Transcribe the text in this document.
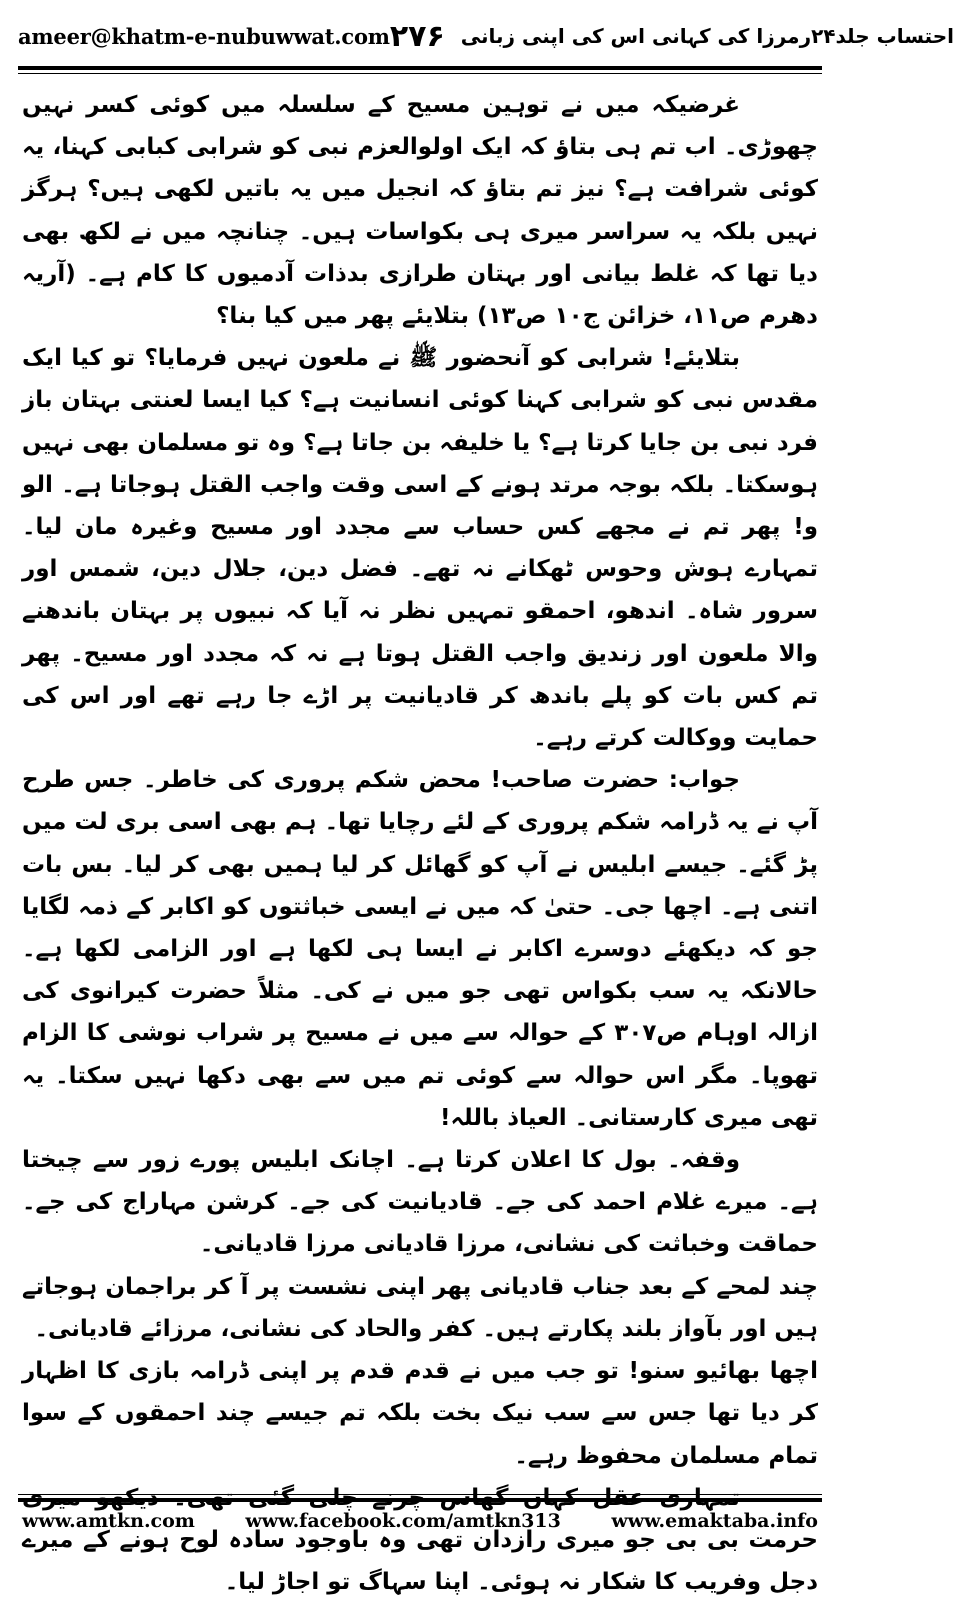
ameer@khatm-e-nubuwwat.com	احتساب جلد۲۴رمرزا کی کہانی اس کی اپنی زبانی
۲۷۶

غرضیکہ میں نے توہین مسیح کے سلسلہ میں کوئی کسر نہیں چھوڑی۔ اب تم ہی بتاؤ کہ ایک اولوالعزم نبی کو شرابی کبابی کہنا، یہ کوئی شرافت ہے؟ نیز تم بتاؤ کہ انجیل میں یہ باتیں لکھی ہیں؟ ہرگز نہیں بلکہ یہ سراسر میری ہی بکواسات ہیں۔ چنانچہ میں نے لکھ بھی دیا تھا کہ غلط بیانی اور بہتان طرازی بدذات آدمیوں کا کام ہے۔ (آریہ دھرم ص۱۱، خزائن ج۱۰ ص۱۳) بتلایئے پھر میں کیا بنا؟

بتلایئے! شرابی کو آنحضور ﷺ نے ملعون نہیں فرمایا؟ تو کیا ایک مقدس نبی کو شرابی کہنا کوئی انسانیت ہے؟ کیا ایسا لعنتی بہتان باز فرد نبی بن جایا کرتا ہے؟ یا خلیفہ بن جاتا ہے؟ وہ تو مسلمان بھی نہیں ہوسکتا۔ بلکہ بوجہ مرتد ہونے کے اسی وقت واجب القتل ہوجاتا ہے۔ الو و! پھر تم نے مجھے کس حساب سے مجدد اور مسیح وغیرہ مان لیا۔ تمہارے ہوش وحوس ٹھکانے نہ تھے۔ فضل دین، جلال دین، شمس اور سرور شاہ۔ اندھو، احمقو تمہیں نظر نہ آیا کہ نبیوں پر بہتان باندھنے والا ملعون اور زندیق واجب القتل ہوتا ہے نہ کہ مجدد اور مسیح۔ پھر تم کس بات کو پلے باندھ کر قادیانیت پر اڑے جا رہے تھے اور اس کی حمایت ووکالت کرتے رہے۔

جواب: حضرت صاحب! محض شکم پروری کی خاطر۔ جس طرح آپ نے یہ ڈرامہ شکم پروری کے لئے رچایا تھا۔ ہم بھی اسی بری لت میں پڑ گئے۔ جیسے ابلیس نے آپ کو گھائل کر لیا ہمیں بھی کر لیا۔ بس بات اتنی ہے۔ اچھا جی۔ حتیٰ کہ میں نے ایسی خباثتوں کو اکابر کے ذمہ لگایا جو کہ دیکھئے دوسرے اکابر نے ایسا ہی لکھا ہے اور الزامی لکھا ہے۔ حالانکہ یہ سب بکواس تھی جو میں نے کی۔ مثلاً حضرت کیرانوی کی ازالہ اوہام ص۳۰۷ کے حوالہ سے میں نے مسیح پر شراب نوشی کا الزام تھوپا۔ مگر اس حوالہ سے کوئی تم میں سے بھی دکھا نہیں سکتا۔ یہ تھی میری کارستانی۔ العیاذ باللہ!

وقفہ۔ بول کا اعلان کرتا ہے۔ اچانک ابلیس پورے زور سے چیختا ہے۔ میرے غلام احمد کی جے۔ قادیانیت کی جے۔ کرشن مہاراج کی جے۔ حماقت وخباثت کی نشانی، مرزا قادیانی مرزا قادیانی۔

چند لمحے کے بعد جناب قادیانی پھر اپنی نشست پر آ کر براجمان ہوجاتے ہیں اور بآواز بلند پکارتے ہیں۔ کفر والحاد کی نشانی، مرزائے قادیانی۔

اچھا بھائیو سنو! تو جب میں نے قدم قدم پر اپنی ڈرامہ بازی کا اظہار کر دیا تھا جس سے سب نیک بخت بلکہ تم جیسے چند احمقوں کے سوا تمام مسلمان محفوظ رہے۔

حرمت بی بی جو میری رازدان تھی وہ باوجود سادہ لوح ہونے کے میرے دجل وفریب کا شکار نہ ہوئی۔ اپنا سہاگ تو اجاڑ لیا۔

www.amtkn.com	www.facebook.com/amtkn313	www.emaktaba.info
